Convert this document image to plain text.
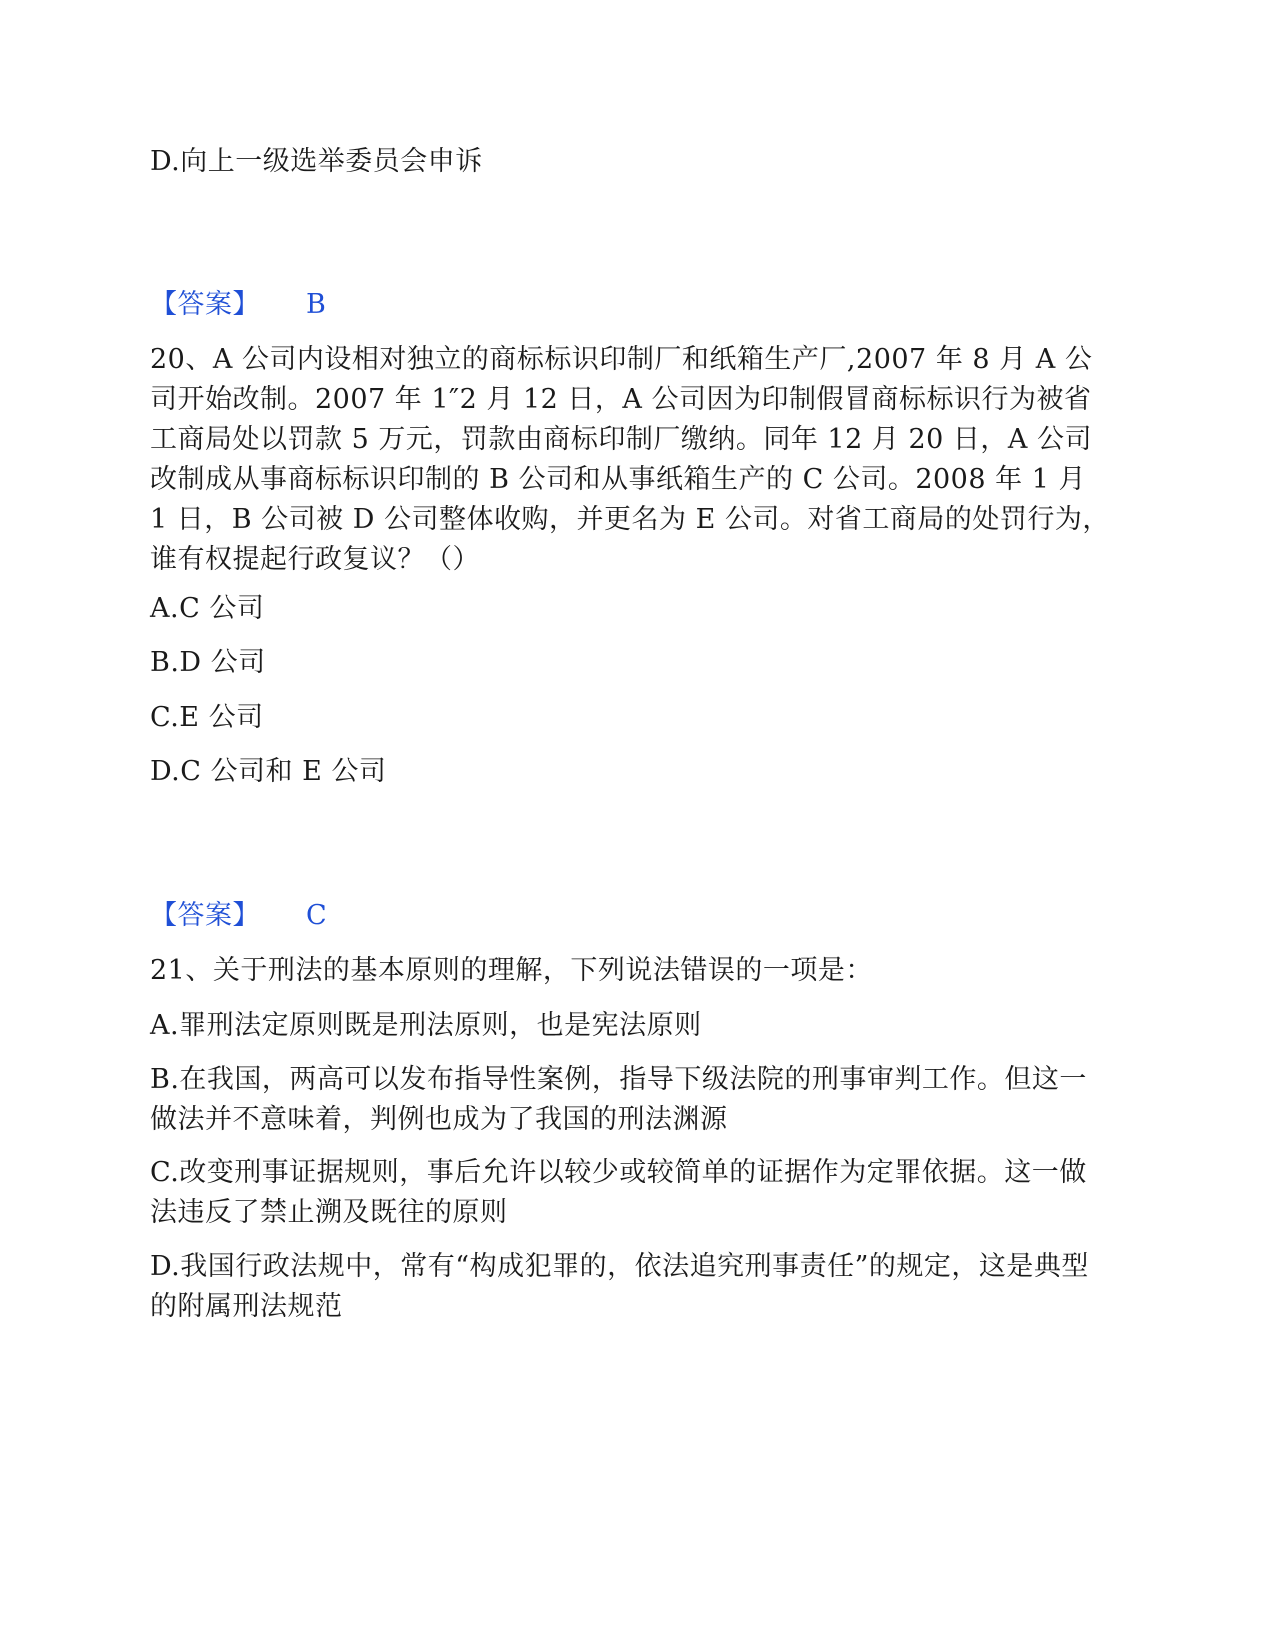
D.向上一级选举委员会申诉
【答案】 B
20、A 公司内设相对独立的商标标识印制厂和纸箱生产厂,2007 年 8 月 A 公司开始改制。2007 年 1″2 月 12 日，A 公司因为印制假冒商标标识行为被省工商局处以罚款 5 万元，罚款由商标印制厂缴纳。同年 12 月 20 日，A 公司改制成从事商标标识印制的 B 公司和从事纸箱生产的 C 公司。2008 年 1 月 1 日，B 公司被 D 公司整体收购，并更名为 E 公司。对省工商局的处罚行为，谁有权提起行政复议？（）
A.C 公司
B.D 公司
C.E 公司
D.C 公司和 E 公司
【答案】 C
21、关于刑法的基本原则的理解，下列说法错误的一项是：
A.罪刑法定原则既是刑法原则，也是宪法原则
B.在我国，两高可以发布指导性案例，指导下级法院的刑事审判工作。但这一做法并不意味着，判例也成为了我国的刑法渊源
C.改变刑事证据规则，事后允许以较少或较简单的证据作为定罪依据。这一做法违反了禁止溯及既往的原则
D.我国行政法规中，常有“构成犯罪的，依法追究刑事责任”的规定，这是典型的附属刑法规范
